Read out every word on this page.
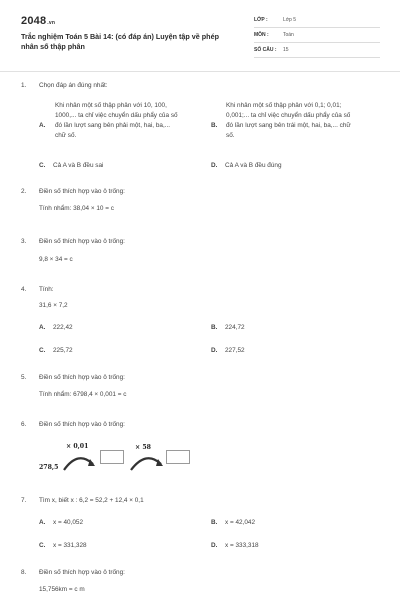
2048.vn
Trắc nghiệm Toán 5 Bài 14: (có đáp án) Luyện tập về phép nhân số thập phân
LỚP :	Lớp 5
MÔN :	Toán
SỐ CÂU : 15
1. Chọn đáp án đúng nhất:
A.
Khi nhân một số thập phân với 10, 100,
1000,... ta chỉ việc chuyển dấu phẩy của số
đó lần lượt sang bên phải một, hai, ba,...
chữ số.
B.
Khi nhân một số thập phân với 0,1; 0,01;
0,001;... ta chỉ việc chuyển dấu phẩy của số
đó lần lượt sang bên trái một, hai, ba,... chữ
số.
C. Cả A và B đều sai	D. Cả A và B đều đúng
2. Điền số thích hợp vào ô trống:
Tính nhẩm: 38,04 × 10 = c
3. Điền số thích hợp vào ô trống:
9,8 × 34 = c
4. Tính:
31,6 × 7,2
A. 222,42	B. 224,72
C. 225,72	D. 227,52
5. Điền số thích hợp vào ô trống:
Tính nhẩm: 6798,4 × 0,001 = c
6. Điền số thích hợp vào ô trống:
278,5
× 0,01	× 58
7. Tìm x, biết x : 6,2 = 52,2 + 12,4 × 0,1
A. x = 40,052	B. x = 42,042
C. x = 331,328	D. x = 333,318
8. Điền số thích hợp vào ô trống:
15,756km = c m
